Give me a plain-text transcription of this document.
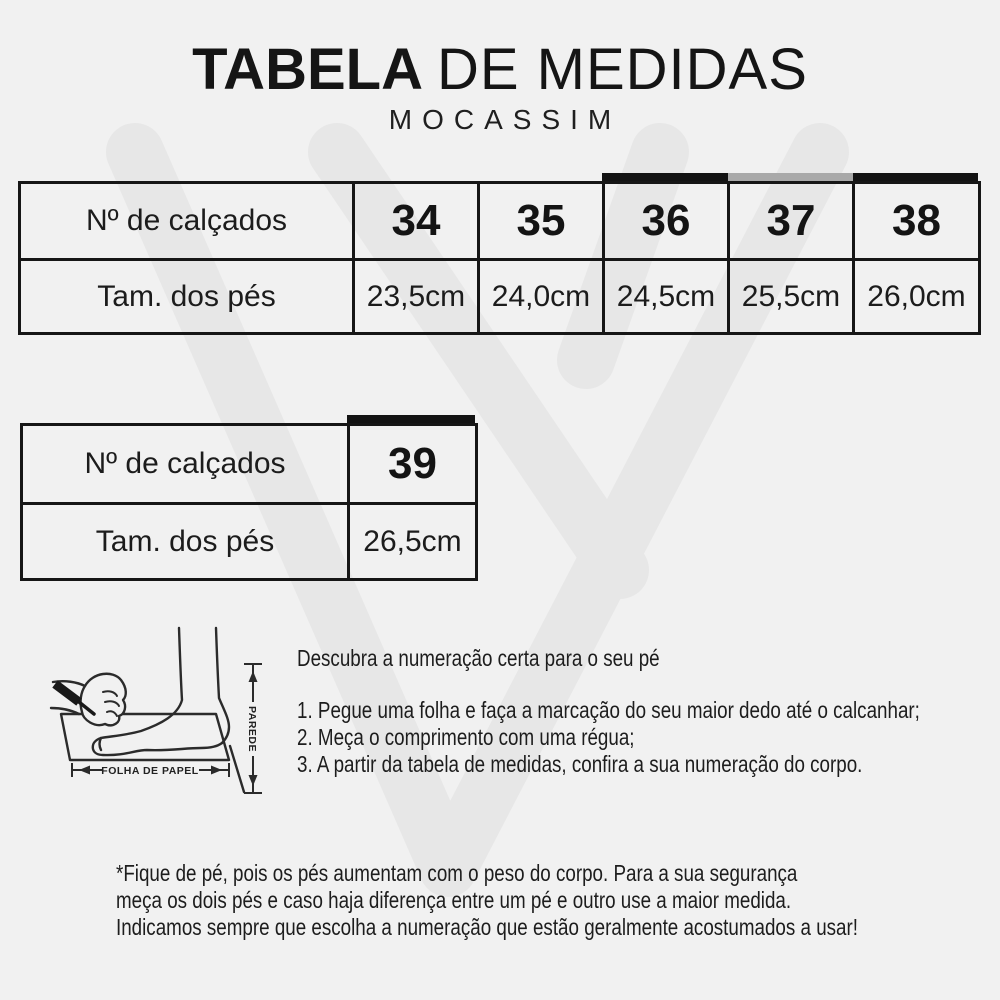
TABELA DE MEDIDAS
MOCASSIM
Nº de calçados	34	35	36	37	38
Tam. dos pés	23,5cm	24,0cm	24,5cm	25,5cm	26,0cm
Nº de calçados	39
Tam. dos pés	26,5cm
FOLHA DE PAPEL
PAREDE
Descubra a numeração certa para o seu pé
1. Pegue uma folha e faça a marcação do seu maior dedo até o calcanhar;
2. Meça o comprimento com uma régua;
3. A partir da tabela de medidas, confira a sua numeração do corpo.
*Fique de pé, pois os pés aumentam com o peso do corpo. Para a sua segurança
meça os dois pés e caso haja diferença entre um pé e outro use a maior medida.
Indicamos sempre que escolha a numeração que estão geralmente acostumados a usar!
